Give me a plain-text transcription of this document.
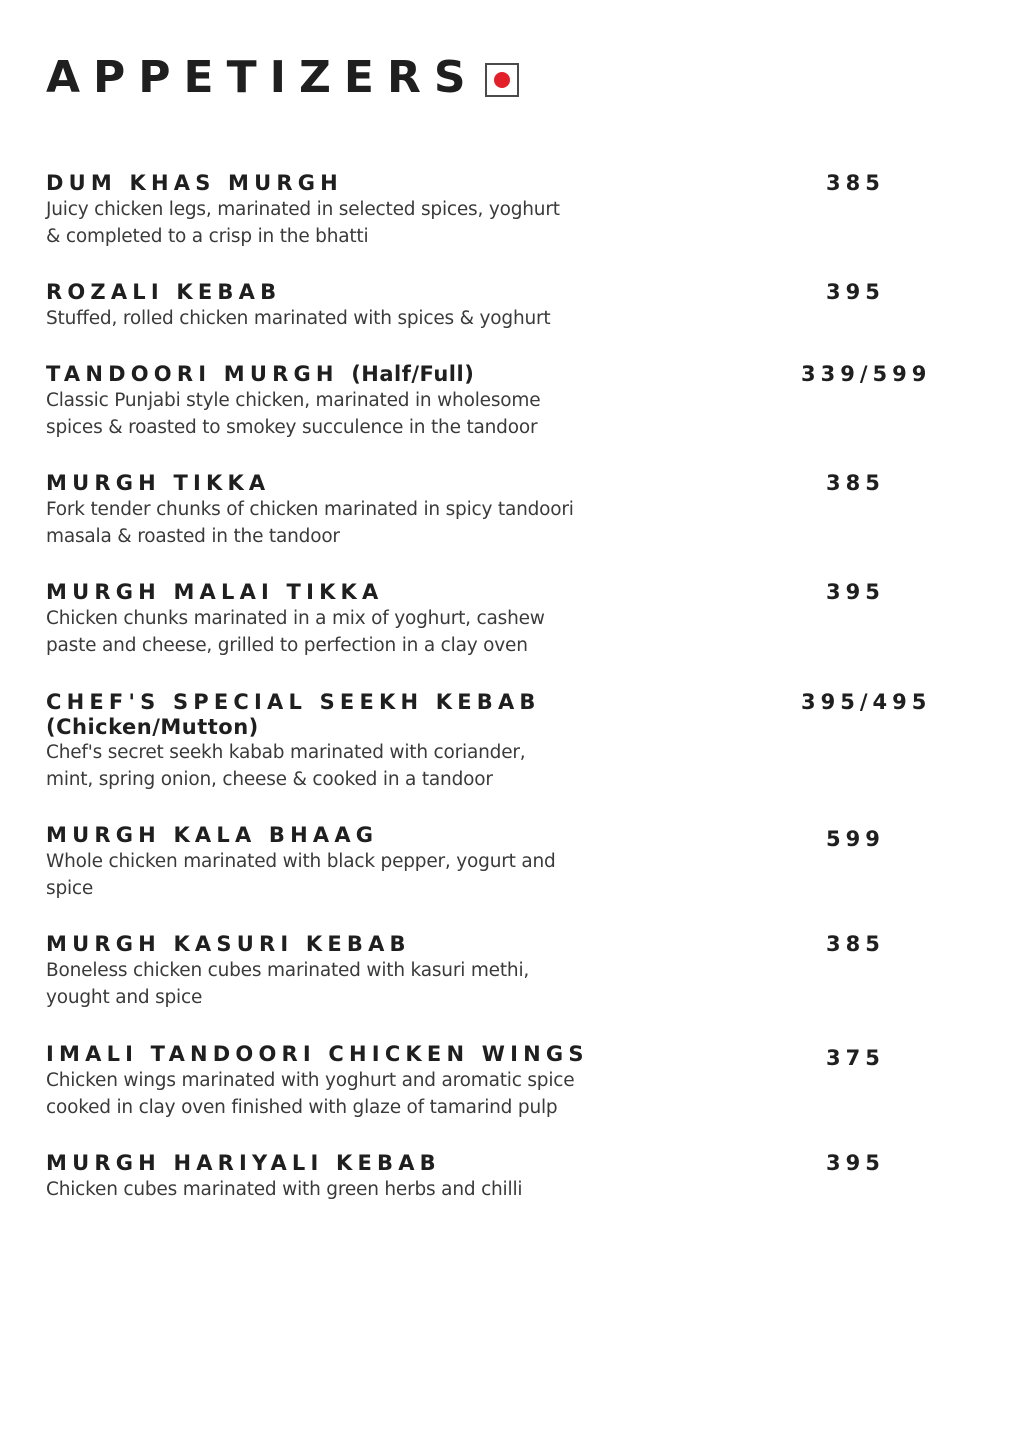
APPETIZERS
DUM KHAS MURGH
Juicy chicken legs, marinated in selected spices, yoghurt
& completed to a crisp in the bhatti
385
ROZALI KEBAB
Stuffed, rolled chicken marinated with spices & yoghurt
395
TANDOORI MURGH (Half/Full)
Classic Punjabi style chicken, marinated in wholesome
spices & roasted to smokey succulence in the tandoor
339/599
MURGH TIKKA
Fork tender chunks of chicken marinated in spicy tandoori
masala & roasted in the tandoor
385
MURGH MALAI TIKKA
Chicken chunks marinated in a mix of yoghurt, cashew
paste and cheese, grilled to perfection in a clay oven
395
CHEF'S SPECIAL SEEKH KEBAB
(Chicken/Mutton)
Chef's secret seekh kabab marinated with coriander,
mint, spring onion, cheese & cooked in a tandoor
395/495
MURGH KALA BHAAG
Whole chicken marinated with black pepper, yogurt and
spice
599
MURGH KASURI KEBAB
Boneless chicken cubes marinated with kasuri methi,
yought and spice
385
IMALI TANDOORI CHICKEN WINGS
Chicken wings marinated with yoghurt and aromatic spice
cooked in clay oven finished with glaze of tamarind pulp
375
MURGH HARIYALI KEBAB
Chicken cubes marinated with green herbs and chilli
395
